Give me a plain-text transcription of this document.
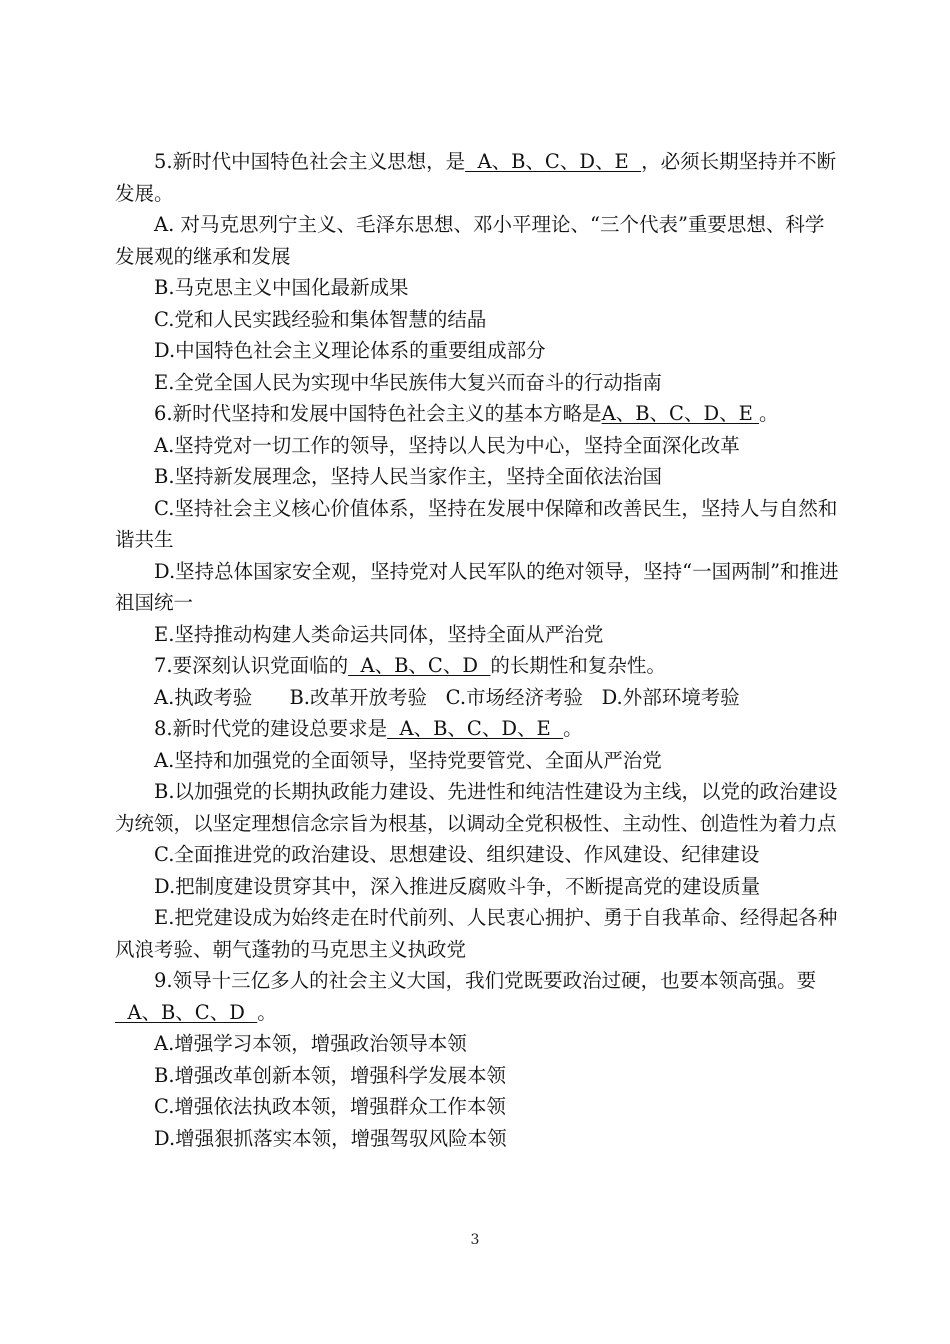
5.新时代中国特色社会主义思想，是  A、B、C、D、E  ，必须长期坚持并不断发展。

A. 对马克思列宁主义、毛泽东思想、邓小平理论、“三个代表”重要思想、科学发展观的继承和发展

B.马克思主义中国化最新成果

C.党和人民实践经验和集体智慧的结晶

D.中国特色社会主义理论体系的重要组成部分

E.全党全国人民为实现中华民族伟大复兴而奋斗的行动指南

6.新时代坚持和发展中国特色社会主义的基本方略是A、B、C、D、E 。

A.坚持党对一切工作的领导，坚持以人民为中心，坚持全面深化改革

B.坚持新发展理念，坚持人民当家作主，坚持全面依法治国

C.坚持社会主义核心价值体系，坚持在发展中保障和改善民生，坚持人与自然和谐共生

D.坚持总体国家安全观，坚持党对人民军队的绝对领导，坚持“一国两制”和推进祖国统一

E.坚持推动构建人类命运共同体，坚持全面从严治党

7.要深刻认识党面临的  A、B、C、D  的长期性和复杂性。

A.执政考验      B.改革开放考验   C.市场经济考验   D.外部环境考验

8.新时代党的建设总要求是  A、B、C、D、E  。

A.坚持和加强党的全面领导，坚持党要管党、全面从严治党

B.以加强党的长期执政能力建设、先进性和纯洁性建设为主线，以党的政治建设为统领，以坚定理想信念宗旨为根基，以调动全党积极性、主动性、创造性为着力点

C.全面推进党的政治建设、思想建设、组织建设、作风建设、纪律建设

D.把制度建设贯穿其中，深入推进反腐败斗争，不断提高党的建设质量

E.把党建设成为始终走在时代前列、人民衷心拥护、勇于自我革命、经得起各种风浪考验、朝气蓬勃的马克思主义执政党

9.领导十三亿多人的社会主义大国，我们党既要政治过硬，也要本领高强。要  A、B、C、D  。

A.增强学习本领，增强政治领导本领

B.增强改革创新本领，增强科学发展本领

C.增强依法执政本领，增强群众工作本领

D.增强狠抓落实本领，增强驾驭风险本领

3
